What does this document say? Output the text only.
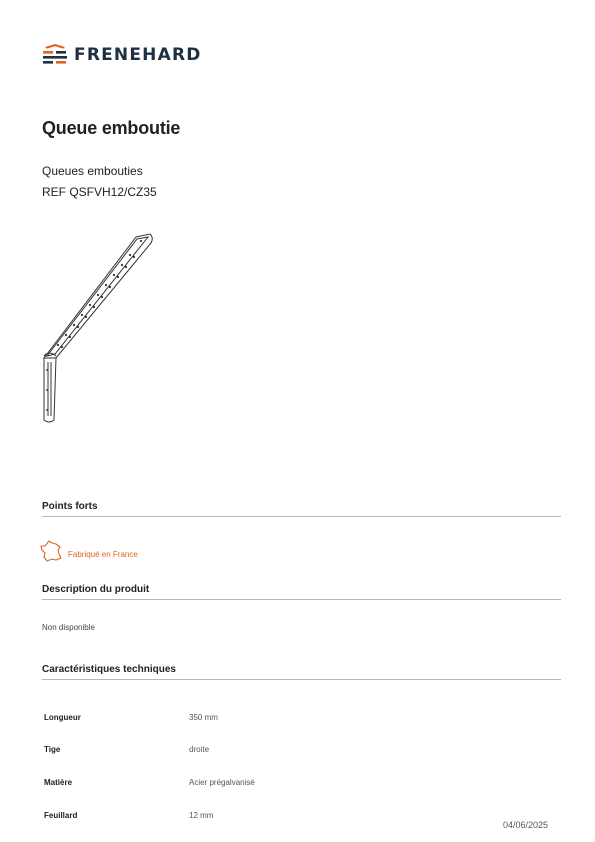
FRENEHARD
Queue emboutie
Queues embouties
REF QSFVH12/CZ35
Points forts
Fabriqué en France
Description du produit
Non disponible
Caractéristiques techniques
Longueur	350 mm
Tige	droite
Matière	Acier prégalvanisé
Feuillard	12 mm
04/06/2025
